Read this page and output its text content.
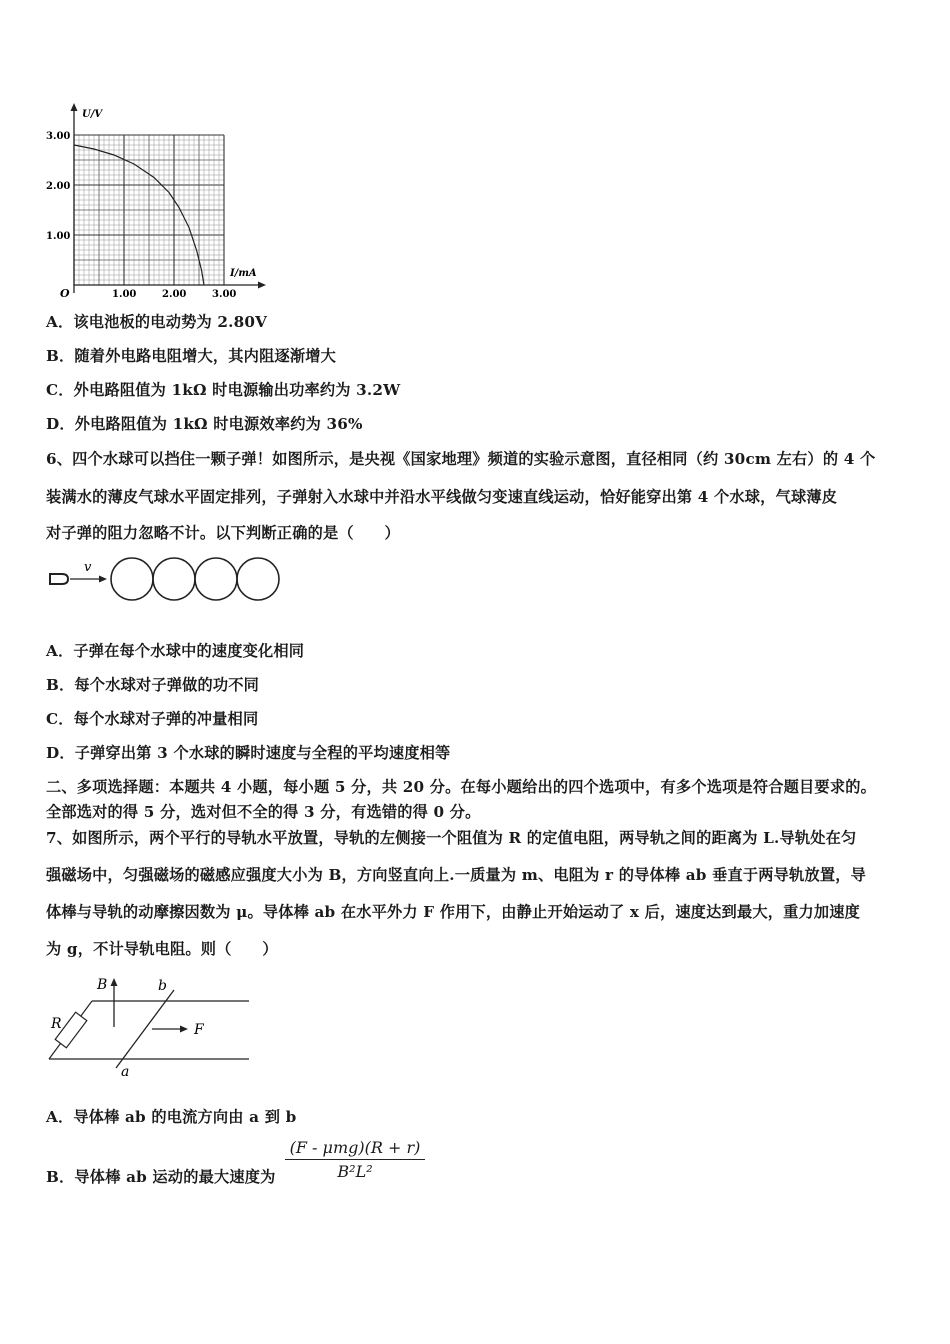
1.00	2.00	3.00
1.00
2.00
3.00
U/V
I/mA
O
A．该电池板的电动势为 2.80V
B．随着外电路电阻增大，其内阻逐渐增大
C．外电路阻值为 1kΩ 时电源输出功率约为 3.2W
D．外电路阻值为 1kΩ 时电源效率约为 36%
6、四个水球可以挡住一颗子弹！如图所示，是央视《国家地理》频道的实验示意图，直径相同（约 30cm 左右）的 4 个
装满水的薄皮气球水平固定排列，子弹射入水球中并沿水平线做匀变速直线运动，恰好能穿出第 4 个水球，气球薄皮
对子弹的阻力忽略不计。以下判断正确的是（　　）
v
A．子弹在每个水球中的速度变化相同
B．每个水球对子弹做的功不同
C．每个水球对子弹的冲量相同
D．子弹穿出第 3 个水球的瞬时速度与全程的平均速度相等
二、多项选择题：本题共 4 小题，每小题 5 分，共 20 分。在每小题给出的四个选项中，有多个选项是符合题目要求的。
全部选对的得 5 分，选对但不全的得 3 分，有选错的得 0 分。
7、如图所示，两个平行的导轨水平放置，导轨的左侧接一个阻值为 R 的定值电阻，两导轨之间的距离为 L.导轨处在匀
强磁场中，匀强磁场的磁感应强度大小为 B，方向竖直向上.一质量为 m、电阻为 r 的导体棒 ab 垂直于两导轨放置，导
体棒与导轨的动摩擦因数为 μ。导体棒 ab 在水平外力 F 作用下，由静止开始运动了 x 后，速度达到最大，重力加速度
为 g，不计导轨电阻。则（　　）
R
B	b
a
F
A．导体棒 ab 的电流方向由 a 到 b
B．导体棒 ab 运动的最大速度为
(F - μmg)(R + r)
B²L²
